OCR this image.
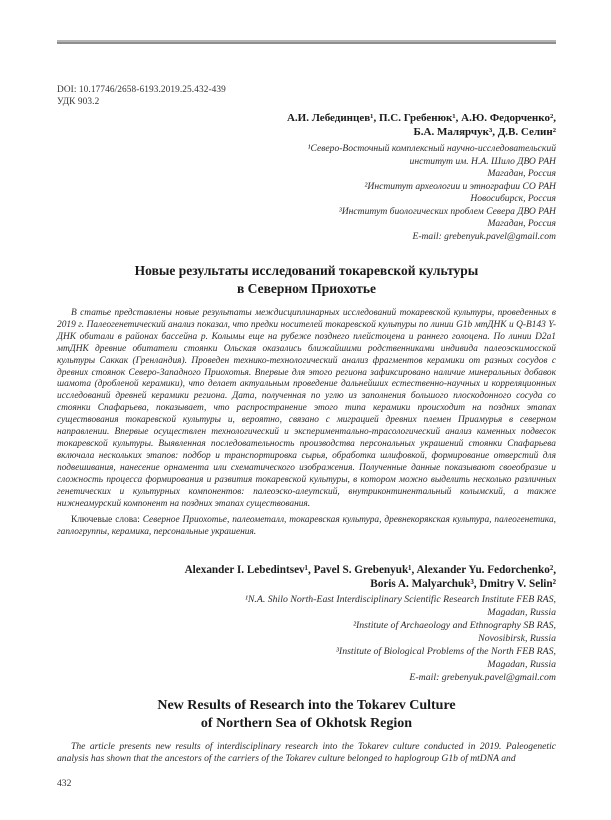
DOI: 10.17746/2658-6193.2019.25.432-439
УДК 903.2
А.И. Лебединцев¹, П.С. Гребенюк¹, А.Ю. Федорченко²,
Б.А. Малярчук³, Д.В. Селин²
¹Северо-Восточный комплексный научно-исследовательский
институт им. Н.А. Шило ДВО РАН
Магадан, Россия
²Институт археологии и этнографии СО РАН
Новосибирск, Россия
³Институт биологических проблем Севера ДВО РАН
Магадан, Россия
E-mail: grebenyuk.pavel@gmail.com
Новые результаты исследований токаревской культуры
в Северном Приохотье

В статье представлены новые результаты междисциплинарных исследований токаревской культуры, проведенных в 2019 г. Палеогенетический анализ показал, что предки носителей токаревской культуры по линии G1b мтДНК и Q-B143 Y-ДНК обитали в районах бассейна р. Колымы еще на рубеже позднего плейстоцена и раннего голоцена. По линии D2a1 мтДНК древние обитатели стоянки Ольская оказались ближайшими родственниками индивида палеоэскимосской культуры Саккак (Гренландия). Проведен технико-технологический анализ фрагментов керамики от разных сосудов с древних стоянок Северо-Западного Приохотья. Впервые для этого региона зафиксировано наличие минеральных добавок шамота (дробленой керамики), что делает актуальным проведение дальнейших естественно-научных и корреляционных исследований древней керамики региона. Дата, полученная по углю из заполнения большого плоскодонного сосуда со стоянки Спафарьева, показывает, что распространение этого типа керамики происходит на поздних этапах существования токаревской культуры и, вероятно, связано с миграцией древних племен Приамурья в северном направлении. Впервые осуществлен технологический и экспериментально-трасологический анализ каменных подвесок токаревской культуры. Выявленная последовательность производства персональных украшений стоянки Спафарьева включала нескольких этапов: подбор и транспортировка сырья, обработка шлифовкой, формирование отверстий для подвешивания, нанесение орнамента или схематического изображения. Полученные данные показывают своеобразие и сложность процесса формирования и развития токаревской культуры, в котором можно выделить несколько различных генетических и культурных компонентов: палеоэско-алеутский, внутриконтинентальный колымский, а также нижнеамурский компонент на поздних этапах существования.

Ключевые слова: Северное Приохотье, палеометалл, токаревская культура, древнекорякская культура, палеогенетика, гаплогруппы, керамика, персональные украшения.

Alexander I. Lebedintsev¹, Pavel S. Grebenyuk¹, Alexander Yu. Fedorchenko²,
Boris A. Malyarchuk³, Dmitry V. Selin²
¹N.A. Shilo North-East Interdisciplinary Scientific Research Institute FEB RAS,
Magadan, Russia
²Institute of Archaeology and Ethnography SB RAS,
Novosibirsk, Russia
³Institute of Biological Problems of the North FEB RAS,
Magadan, Russia
E-mail: grebenyuk.pavel@gmail.com
New Results of Research into the Tokarev Culture
of Northern Sea of Okhotsk Region

The article presents new results of interdisciplinary research into the Tokarev culture conducted in 2019. Paleogenetic analysis has shown that the ancestors of the carriers of the Tokarev culture belonged to haplogroup G1b of mtDNA and

432
